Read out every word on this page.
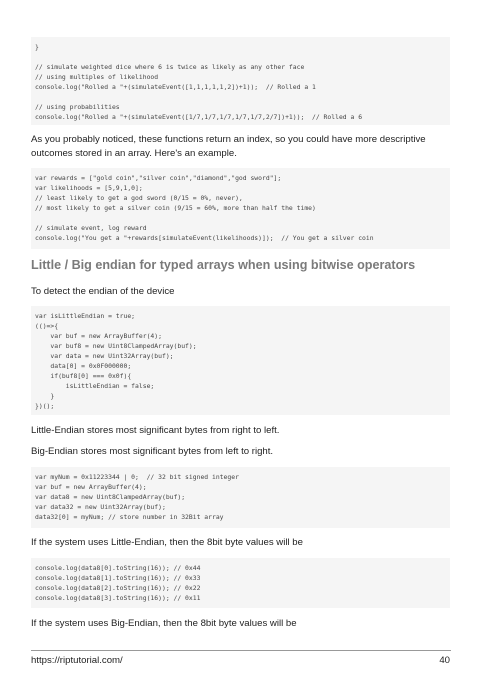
}
// simulate weighted dice where 6 is twice as likely as any other face
// using multiples of likelihood
console.log("Rolled a "+(simulateEvent([1,1,1,1,1,2])+1));  // Rolled a 1
// using probabilities
console.log("Rolled a "+(simulateEvent([1/7,1/7,1/7,1/7,1/7,2/7])+1));  // Rolled a 6

As you probably noticed, these functions return an index, so you could have more descriptive outcomes stored in an array. Here's an example.

var rewards = ["gold coin","silver coin","diamond","god sword"];
var likelihoods = [5,9,1,0];
// least likely to get a god sword (0/15 = 0%, never),
// most likely to get a silver coin (9/15 = 60%, more than half the time)
// simulate event, log reward
console.log("You get a "+rewards[simulateEvent(likelihoods)]);  // You get a silver coin
Little / Big endian for typed arrays when using bitwise operators

To detect the endian of the device

var isLittleEndian = true;
(()=>{
var buf = new ArrayBuffer(4);
var buf8 = new Uint8ClampedArray(buf);
var data = new Uint32Array(buf);
data[0] = 0x0F000000;
if(buf8[0] === 0x0f){
isLittleEndian = false;
}
})();

Little-Endian stores most significant bytes from right to left.

Big-Endian stores most significant bytes from left to right.

var myNum = 0x11223344 | 0;  // 32 bit signed integer
var buf = new ArrayBuffer(4);
var data8 = new Uint8ClampedArray(buf);
var data32 = new Uint32Array(buf);
data32[0] = myNum; // store number in 32Bit array

If the system uses Little-Endian, then the 8bit byte values will be

console.log(data8[0].toString(16)); // 0x44
console.log(data8[1].toString(16)); // 0x33
console.log(data8[2].toString(16)); // 0x22
console.log(data8[3].toString(16)); // 0x11

If the system uses Big-Endian, then the 8bit byte values will be

https://riptutorial.com/	40
